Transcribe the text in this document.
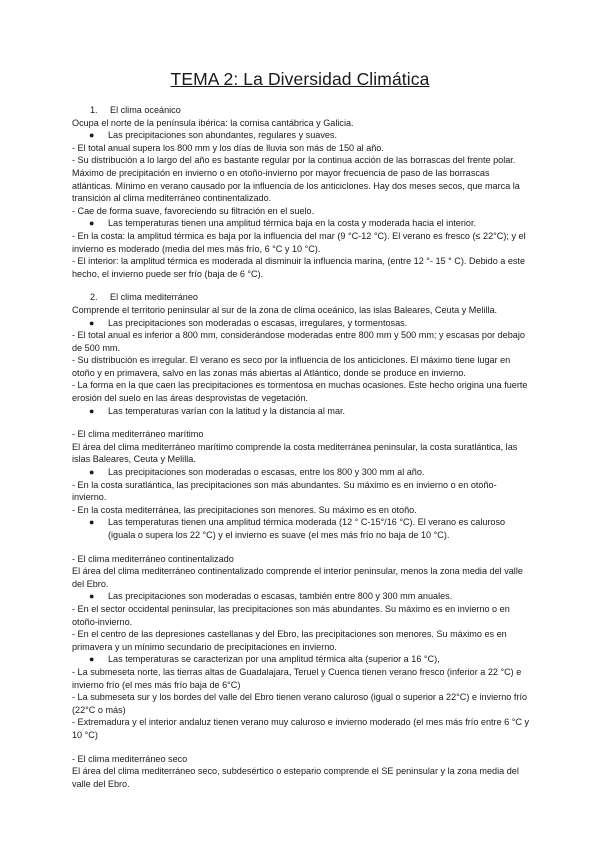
TEMA 2: La Diversidad Climática

1. El clima oceánico

Ocupa el norte de la península ibérica: la cornisa cantábrica y Galicia.

● Las precipitaciones son abundantes, regulares y suaves.

- El total anual supera los 800 mm y los días de lluvia son más de 150 al año.

- Su distribución a lo largo del año es bastante regular por la continua acción de las borrascas del frente polar. Máximo de precipitación en invierno o en otoño-invierno por mayor frecuencia de paso de las borrascas atlánticas. Mínimo en verano causado por la influencia de los anticiclones. Hay dos meses secos, que marca la transición al clima mediterráneo continentalizado.

- Cae de forma suave, favoreciendo su filtración en el suelo.

● Las temperaturas tienen una amplitud térmica baja en la costa y moderada hacia el interior.

- En la costa: la amplitud térmica es baja por la influencia del mar (9 °C-12 °C). El verano es fresco (≤ 22°C); y el invierno es moderado (media del mes más frío, 6 °C y 10 °C).

- El interior: la amplitud térmica es moderada al disminuir la influencia marina, (entre 12 °- 15 ° C). Debido a este hecho, el invierno puede ser frío (baja de 6 °C).

2. El clima mediterráneo

Comprende el territorio peninsular al sur de la zona de clima oceánico, las islas Baleares, Ceuta y Melilla.

● Las precipitaciones son moderadas o escasas, irregulares, y tormentosas.

- El total anual es inferior a 800 mm, considerándose moderadas entre 800 mm y 500 mm; y escasas por debajo de 500 mm.

- Su distribución es irregular. El verano es seco por la influencia de los anticiclones. El máximo tiene lugar en otoño y en primavera, salvo en las zonas más abiertas al Atlántico, donde se produce en invierno.

- La forma en la que caen las precipitaciones es tormentosa en muchas ocasiones. Este hecho origina una fuerte erosión del suelo en las áreas desprovistas de vegetación.

● Las temperaturas varían con la latitud y la distancia al mar.

- El clima mediterráneo marítimo

El área del clima mediterráneo marítimo comprende la costa mediterránea peninsular, la costa suratlántica, las islas Baleares, Ceuta y Melilla.

● Las precipitaciones son moderadas o escasas, entre los 800 y 300 mm al año.

- En la costa suratlántica, las precipitaciones son más abundantes. Su máximo es en invierno o en otoño-invierno.

- En la costa mediterránea, las precipitaciones son menores. Su máximo es en otoño.

● Las temperaturas tienen una amplitud térmica moderada (12 ° C-15°/16 °C). El verano es caluroso (iguala o supera los 22 °C) y el invierno es suave (el mes más frío no baja de 10 °C).

- El clima mediterráneo continentalizado

El área del clima mediterráneo continentalizado comprende el interior peninsular, menos la zona media del valle del Ebro.

● Las precipitaciones son moderadas o escasas, también entre 800 y 300 mm anuales.

- En el sector occidental peninsular, las precipitaciones son más abundantes. Su máximo es en invierno o en otoño-invierno.

- En el centro de las depresiones castellanas y del Ebro, las precipitaciones son menores. Su máximo es en primavera y un mínimo secundario de precipitaciones en invierno.

● Las temperaturas se caracterizan por una amplitud térmica alta (superior a 16 °C),

- La submeseta norte, las tierras altas de Guadalajara, Teruel y Cuenca tienen verano fresco (inferior a 22 °C) e invierno frío (el mes más frío baja de 6°C)

- La submeseta sur y los bordes del valle del Ebro tienen verano caluroso (igual o superior a 22°C) e invierno frío (22°C o más)

- Extremadura y el interior andaluz tienen verano muy caluroso e invierno moderado (el mes más frío entre 6 °C y 10 °C)

- El clima mediterráneo seco

El área del clima mediterráneo seco, subdesértico o estepario comprende el SE peninsular y la zona media del valle del Ebro.
